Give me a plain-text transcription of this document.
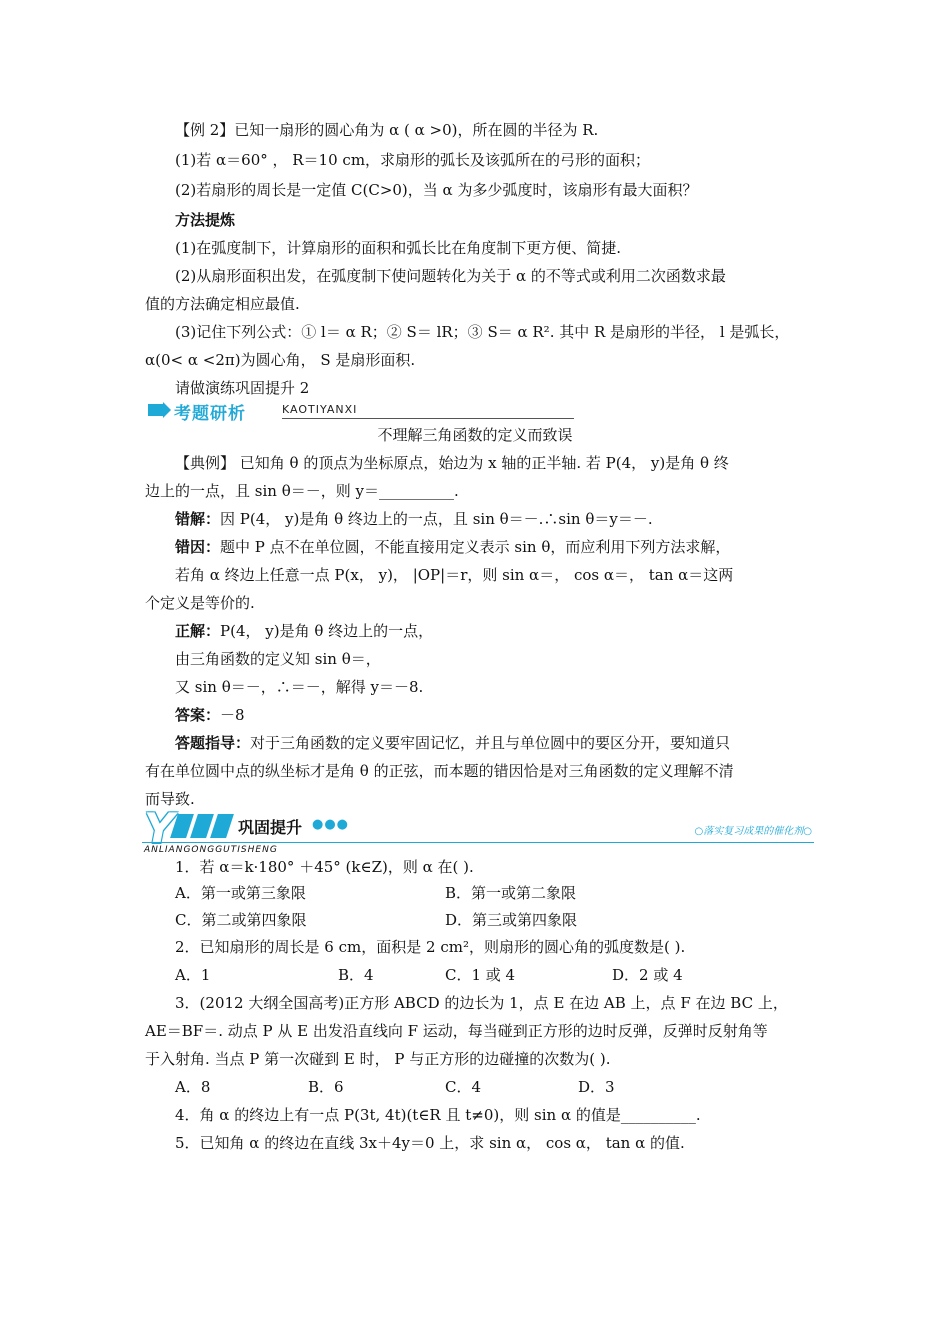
【例 2】已知一扇形的圆心角为 α ( α >0)，所在圆的半径为 R.
(1)若 α＝60° ， R＝10 cm，求扇形的弧长及该弧所在的弓形的面积；
(2)若扇形的周长是一定值 C(C>0)，当 α 为多少弧度时，该扇形有最大面积？
方法提炼
(1)在弧度制下，计算扇形的面积和弧长比在角度制下更方便、简捷.
(2)从扇形面积出发，在弧度制下使问题转化为关于 α 的不等式或利用二次函数求最
值的方法确定相应最值.
(3)记住下列公式：① l＝ α R；② S＝ lR；③ S＝ α R². 其中 R 是扇形的半径， l 是弧长，
α(0< α <2π)为圆心角， S 是扇形面积.
请做演练巩固提升 2
考题研析	KAOTIYANXI
不理解三角函数的定义而致误
【典例】 已知角 θ 的顶点为坐标原点，始边为 x 轴的正半轴. 若 P(4， y)是角 θ 终
边上的一点，且 sin θ＝－，则 y＝__________.
错解：因 P(4， y)是角 θ 终边上的一点，且 sin θ＝－.∴sin θ＝y＝－.
错因：题中 P 点不在单位圆，不能直接用定义表示 sin θ，而应利用下列方法求解，
若角 α 终边上任意一点 P(x， y)， |OP|＝r，则 sin α＝， cos α＝， tan α＝这两
个定义是等价的.
正解：P(4， y)是角 θ 终边上的一点，
由三角函数的定义知 sin θ＝，
又 sin θ＝－，∴＝－，解得 y＝－8.
答案：－8
答题指导：对于三角函数的定义要牢固记忆，并且与单位圆中的要区分开，要知道只
有在单位圆中点的纵坐标才是角 θ 的正弦，而本题的错因恰是对三角函数的定义理解不清
而导致.
Y	巩固提升 ●●●	○落实复习成果的催化剂○
ANLIANGONGGUTISHENG
1．若 α＝k·180° ＋45° (k∈Z)，则 α 在( ).
A．第一或第三象限	B．第一或第二象限
C．第二或第四象限	D．第三或第四象限
2．已知扇形的周长是 6 cm，面积是 2 cm²，则扇形的圆心角的弧度数是( ).
A．1	B．4	C．1 或 4	D．2 或 4
3．(2012 大纲全国高考)正方形 ABCD 的边长为 1，点 E 在边 AB 上，点 F 在边 BC 上，
AE＝BF＝. 动点 P 从 E 出发沿直线向 F 运动，每当碰到正方形的边时反弹，反弹时反射角等
于入射角. 当点 P 第一次碰到 E 时， P 与正方形的边碰撞的次数为( ).
A．8	B．6	C．4	D．3
4．角 α 的终边上有一点 P(3t, 4t)(t∈R 且 t≠0)，则 sin α 的值是__________.
5．已知角 α 的终边在直线 3x＋4y＝0 上，求 sin α， cos α， tan α 的值.
